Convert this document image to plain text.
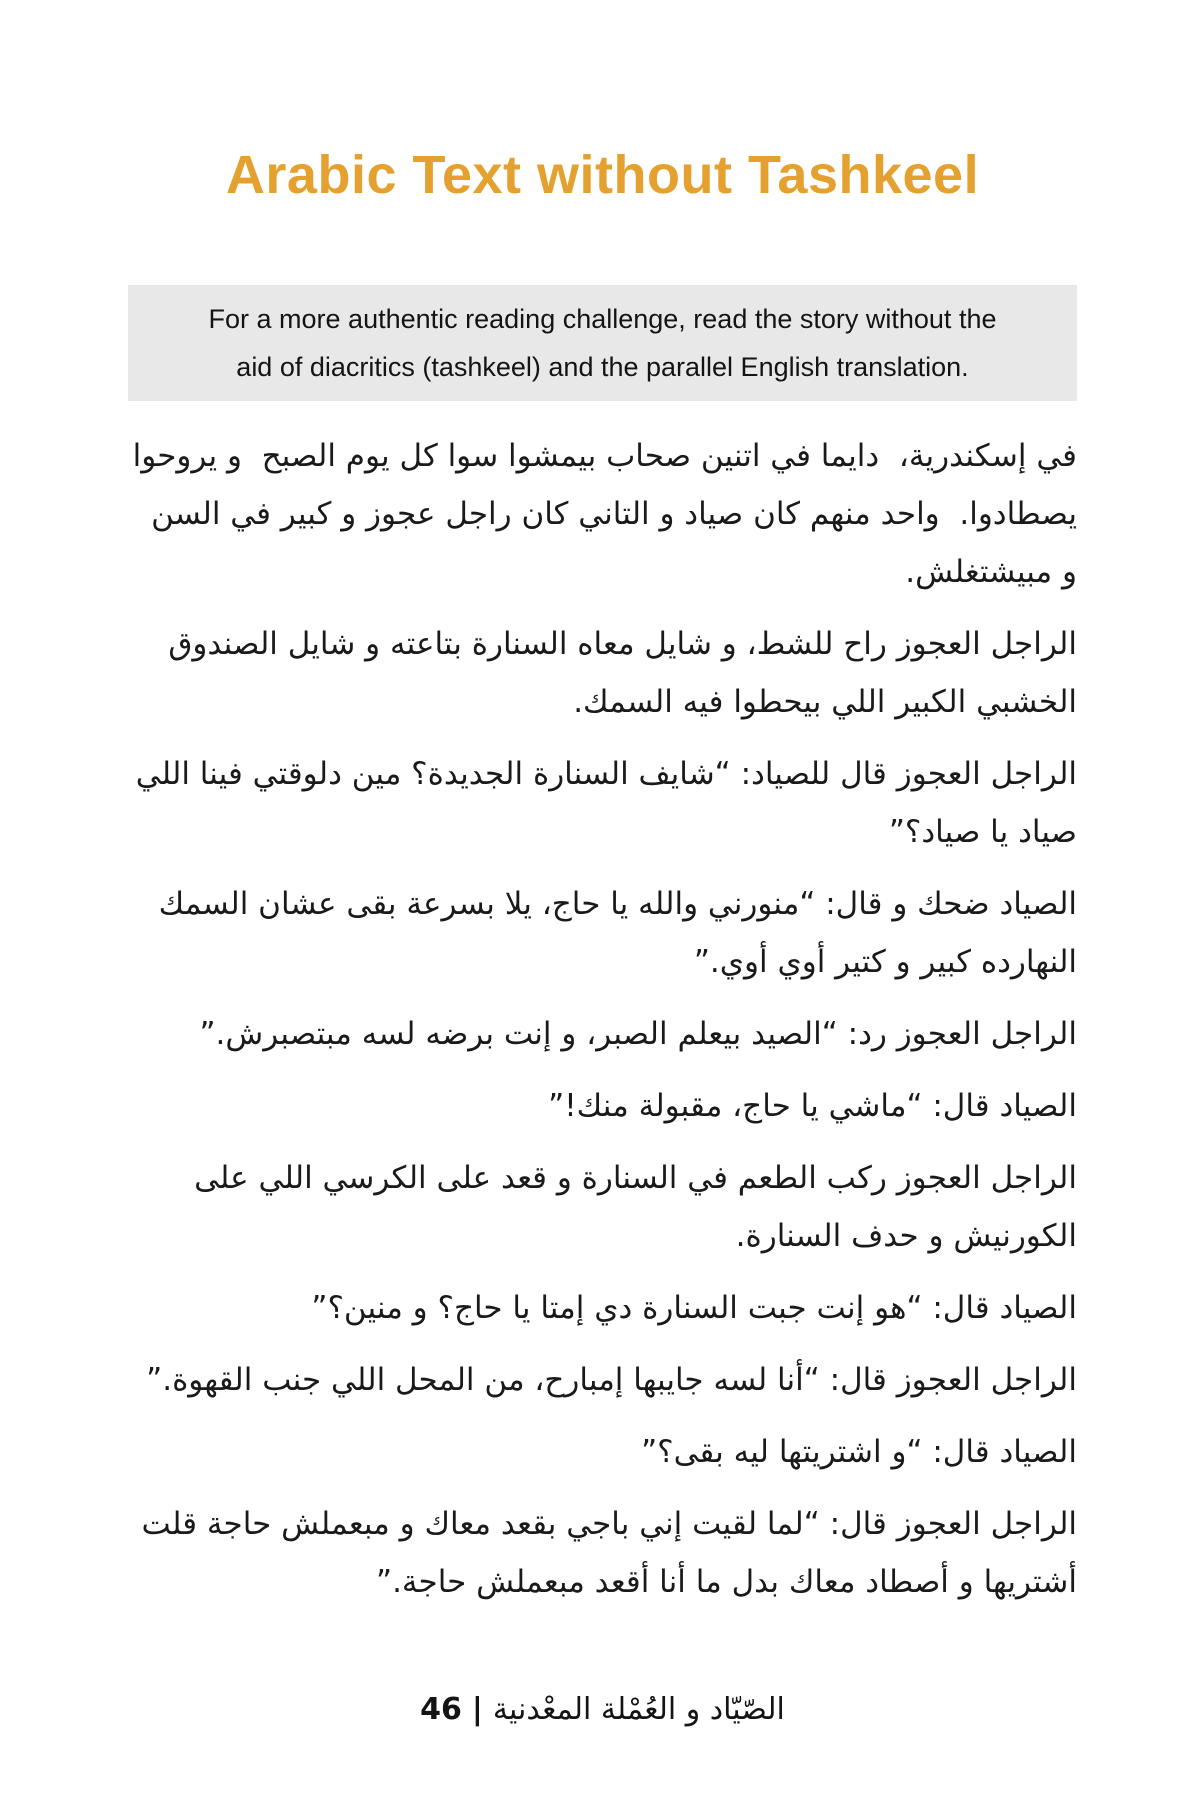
Arabic Text without Tashkeel
For a more authentic reading challenge, read the story without the
aid of diacritics (tashkeel) and the parallel English translation.

في إسكندرية،  دايما في اتنين صحاب بيمشوا سوا كل يوم الصبح  و يروحوا يصطادوا.  واحد منهم كان صياد و التاني كان راجل عجوز و كبير في السن و مبيشتغلش.

الراجل العجوز راح للشط، و شايل معاه السنارة بتاعته و شايل الصندوق الخشبي الكبير اللي بيحطوا فيه السمك.

الراجل العجوز قال للصياد: “شايف السنارة الجديدة؟ مين دلوقتي فينا اللي صياد يا صياد؟”

الصياد ضحك و قال: “منورني والله يا حاج، يلا بسرعة بقى عشان السمك النهارده كبير و كتير أوي أوي.”

الراجل العجوز رد: “الصيد بيعلم الصبر، و إنت برضه لسه مبتصبرش.”

الصياد قال: “ماشي يا حاج، مقبولة منك!”

الراجل العجوز ركب الطعم في السنارة و قعد على الكرسي اللي على الكورنيش و حدف السنارة.

الصياد قال: “هو إنت جبت السنارة دي إمتا يا حاج؟ و منين؟”

الراجل العجوز قال: “أنا لسه جايبها إمبارح، من المحل اللي جنب القهوة.”

الصياد قال: “و اشتريتها ليه بقى؟”

الراجل العجوز قال: “لما لقيت إني باجي بقعد معاك و مبعملش حاجة قلت أشتريها و أصطاد معاك بدل ما أنا أقعد مبعملش حاجة.”

الصياد و العملة المعدنية|46
